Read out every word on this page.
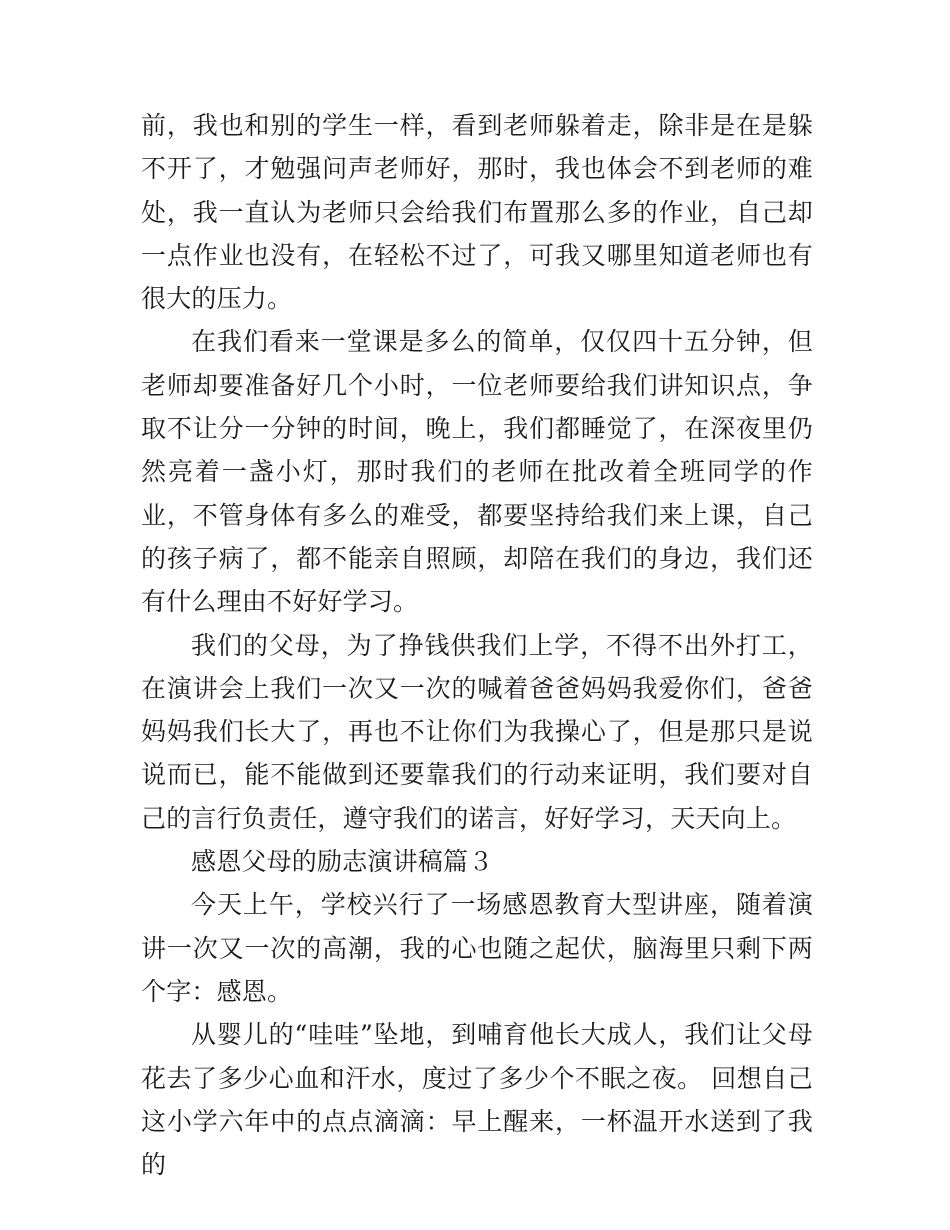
前，我也和别的学生一样，看到老师躲着走，除非是在是躲不开了，才勉强问声老师好，那时，我也体会不到老师的难处，我一直认为老师只会给我们布置那么多的作业，自己却一点作业也没有，在轻松不过了，可我又哪里知道老师也有很大的压力。

在我们看来一堂课是多么的简单，仅仅四十五分钟，但老师却要准备好几个小时，一位老师要给我们讲知识点，争取不让分一分钟的时间，晚上，我们都睡觉了，在深夜里仍然亮着一盏小灯，那时我们的老师在批改着全班同学的作业，不管身体有多么的难受，都要坚持给我们来上课，自己的孩子病了，都不能亲自照顾，却陪在我们的身边，我们还有什么理由不好好学习。

我们的父母，为了挣钱供我们上学，不得不出外打工，在演讲会上我们一次又一次的喊着爸爸妈妈我爱你们，爸爸妈妈我们长大了，再也不让你们为我操心了，但是那只是说说而已，能不能做到还要靠我们的行动来证明，我们要对自己的言行负责任，遵守我们的诺言，好好学习，天天向上。

感恩父母的励志演讲稿篇３

今天上午，学校兴行了一场感恩教育大型讲座，随着演讲一次又一次的高潮，我的心也随之起伏，脑海里只剩下两个字：感恩。

从婴儿的“哇哇”坠地，到哺育他长大成人，我们让父母花去了多少心血和汗水，度过了多少个不眠之夜。 回想自己这小学六年中的点点滴滴：早上醒来，一杯温开水送到了我的
